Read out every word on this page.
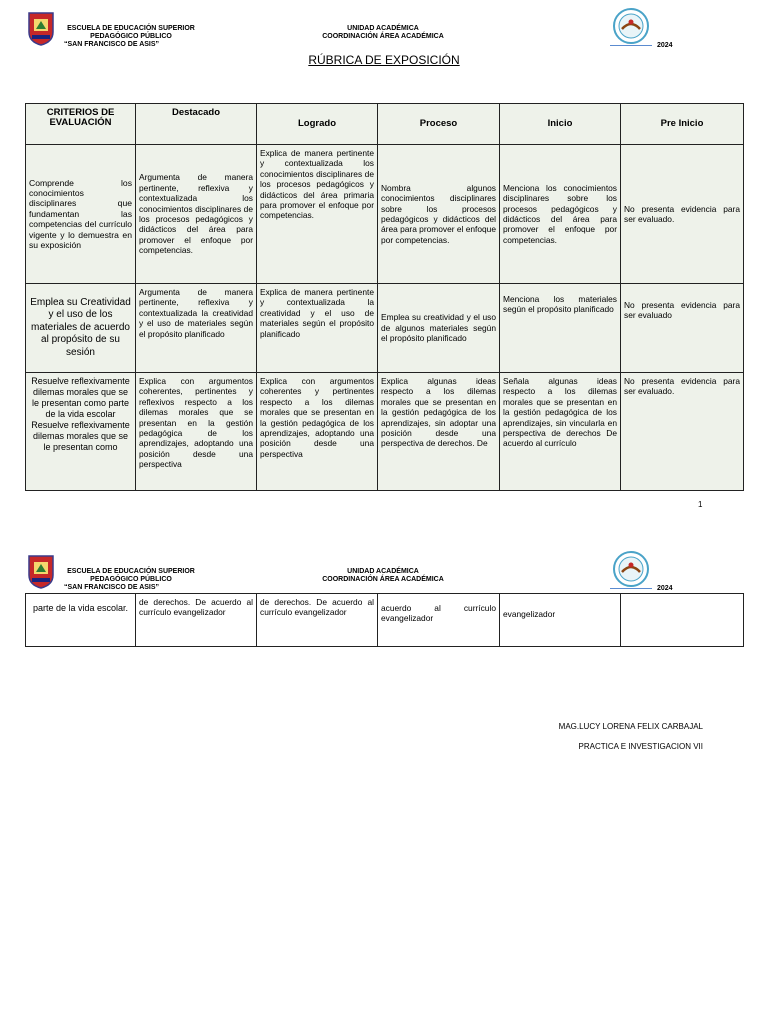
ESCUELA DE EDUCACIÓN SUPERIOR
PEDAGÓGICO PÚBLICO
“SAN FRANCISCO DE ASIS”
UNIDAD ACADÉMICA
COORDINACIÓN ÁREA ACADÉMICA
2024
RÚBRICA DE EXPOSICIÓN
CRITERIOS DE EVALUACIÓN	Destacado	Logrado	Proceso	Inicio	Pre Inicio
Comprende los conocimientos disciplinares que fundamentan las competencias del currículo vigente y lo demuestra en su exposición	Argumenta de manera pertinente, reflexiva y contextualizada los conocimientos disciplinares de los procesos pedagógicos y didácticos del área para promover el enfoque por competencias.	Explica de manera pertinente y contextualizada los conocimientos disciplinares de los procesos pedagógicos y didácticos del área primaria para promover el enfoque por competencias.	Nombra algunos conocimientos disciplinares sobre los procesos pedagógicos y didácticos del área para promover el enfoque por competencias.	Menciona los conocimientos disciplinares sobre los procesos pedagógicos y didácticos del área para promover el enfoque por competencias.	No presenta evidencia para ser evaluado.
Emplea su Creatividad y el uso de los materiales de acuerdo al propósito de su sesión	Argumenta de manera pertinente, reflexiva y contextualizada la creatividad y el uso de materiales según el propósito planificado	Explica de manera pertinente y contextualizada la creatividad y el uso de materiales según el propósito planificado	Emplea su creatividad y el uso de algunos materiales según el propósito planificado	Menciona los materiales según el propósito planificado	No presenta evidencia para ser evaluado

Resuelve reflexivamente dilemas morales que se le presentan como parte de la vida escolar Resuelve reflexivamente dilemas morales que se le presentan como	Explica con argumentos coherentes, pertinentes y reflexivos respecto a los dilemas morales que se presentan en la gestión pedagógica de los aprendizajes, adoptando una posición desde una perspectiva	Explica con argumentos coherentes y pertinentes respecto a los dilemas morales que se presentan en la gestión pedagógica de los aprendizajes, adoptando una posición desde una perspectiva	Explica algunas ideas respecto a los dilemas morales que se presentan en la gestión pedagógica de los aprendizajes, sin adoptar una posición desde una perspectiva de derechos. De	Señala algunas ideas respecto a los dilemas morales que se presentan en la gestión pedagógica de los aprendizajes, sin vincularla en perspectiva de derechos De acuerdo al currículo	No presenta evidencia para ser evaluado.
1
ESCUELA DE EDUCACIÓN SUPERIOR
PEDAGÓGICO PÚBLICO
“SAN FRANCISCO DE ASIS”
UNIDAD ACADÉMICA
COORDINACIÓN ÁREA ACADÉMICA
2024
parte de la vida escolar.	de derechos. De acuerdo al currículo evangelizador	de derechos. De acuerdo al currículo evangelizador	acuerdo al currículo evangelizador	evangelizador	
MAG.LUCY LORENA FELIX CARBAJAL
PRACTICA E INVESTIGACION VII
